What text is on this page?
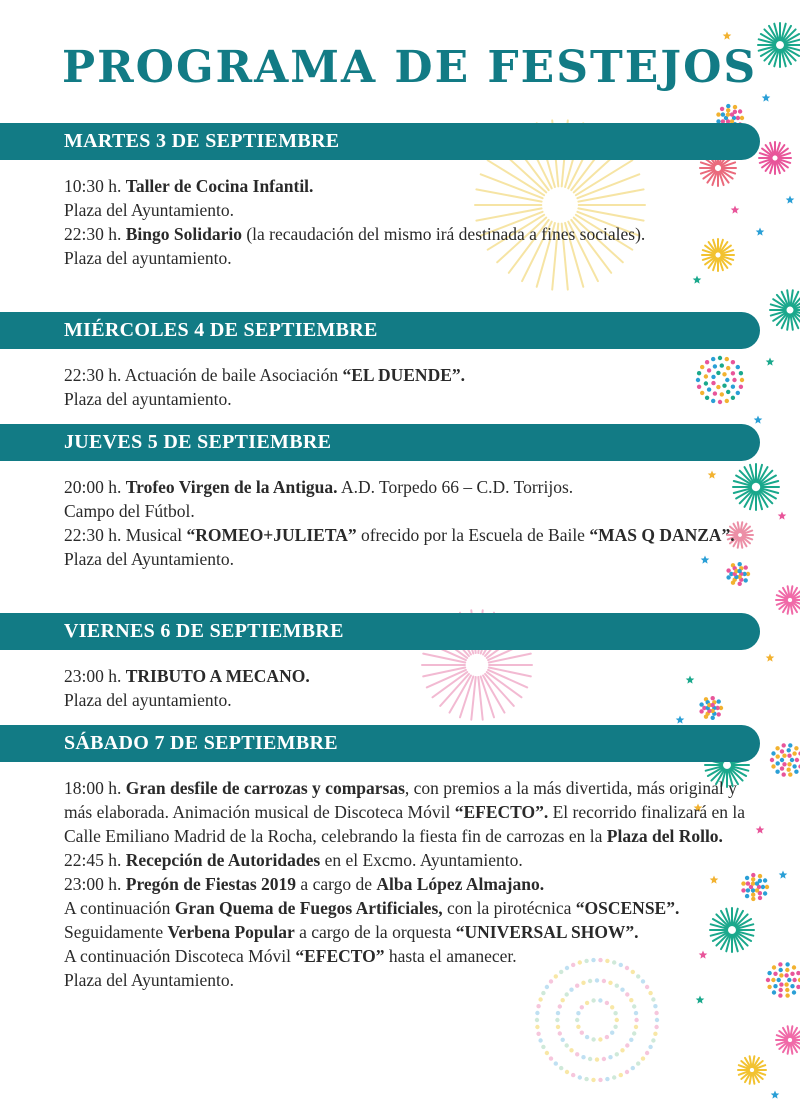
PROGRAMA DE FESTEJOS
MARTES 3 DE SEPTIEMBRE

10:30 h. Taller de Cocina Infantil.

Plaza del Ayuntamiento.

22:30 h. Bingo Solidario (la recaudación del mismo irá destinada a fines sociales).

Plaza del ayuntamiento.

MIÉRCOLES 4 DE SEPTIEMBRE

22:30 h. Actuación de baile Asociación “EL DUENDE”.

Plaza del ayuntamiento.

JUEVES 5 DE SEPTIEMBRE

20:00 h. Trofeo Virgen de la Antigua. A.D. Torpedo 66 – C.D. Torrijos.

Campo del Fútbol.

22:30 h. Musical “ROMEO+JULIETA” ofrecido por la Escuela de Baile “MAS Q DANZA”.

Plaza del Ayuntamiento.

VIERNES 6 DE SEPTIEMBRE

23:00 h. TRIBUTO A MECANO.

Plaza del ayuntamiento.

SÁBADO 7 DE SEPTIEMBRE

18:00 h. Gran desfile de carrozas y comparsas, con premios a la más divertida, más original y más elaborada. Animación musical de Discoteca Móvil “EFECTO”. El recorrido finalizará en la Calle Emiliano Madrid de la Rocha, celebrando la fiesta fin de carrozas en la Plaza del Rollo.

22:45 h. Recepción de Autoridades en el Excmo. Ayuntamiento.

23:00 h. Pregón de Fiestas 2019 a cargo de Alba López Almajano.

A continuación Gran Quema de Fuegos Artificiales, con la pirotécnica “OSCENSE”.

Seguidamente Verbena Popular a cargo de la orquesta “UNIVERSAL SHOW”.

A continuación Discoteca Móvil “EFECTO” hasta el amanecer.

Plaza del Ayuntamiento.
